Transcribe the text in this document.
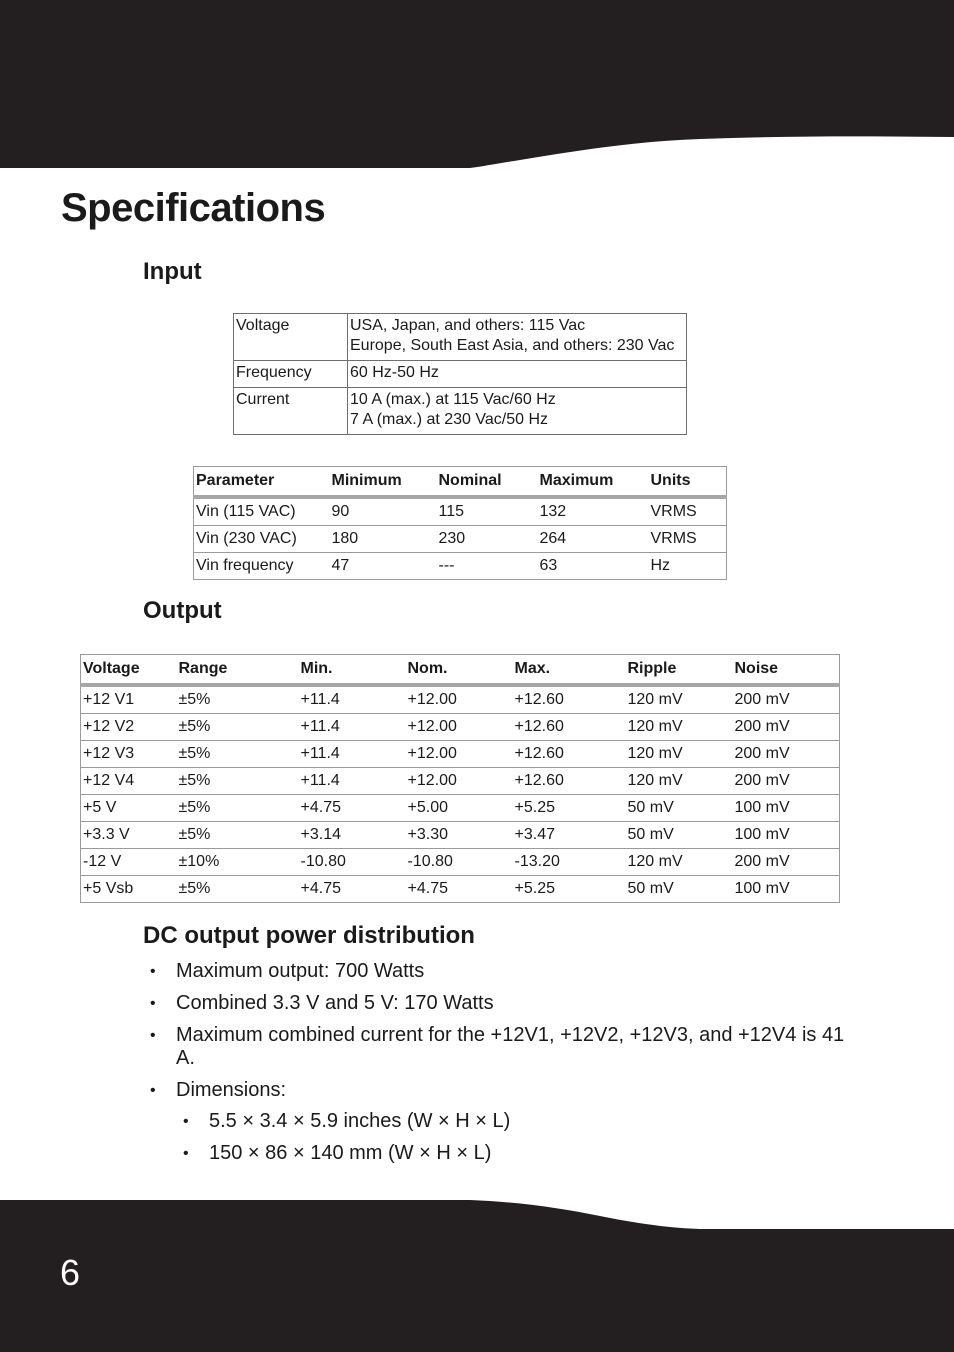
Specifications
Input
Voltage	USA, Japan, and others: 115 Vac
Europe, South East Asia, and others: 230 Vac

Frequency	60 Hz-50 Hz

Current	10 A (max.) at 115 Vac/60 Hz
7 A (max.) at 230 Vac/50 Hz
Parameter	Minimum	Nominal	Maximum	Units
Vin (115 VAC)	90	115	132	VRMS
Vin (230 VAC)	180	230	264	VRMS
Vin frequency	47	---	63	Hz
Output
Voltage	Range	Min.	Nom.	Max.	Ripple	Noise
+12 V1	±5%	+11.4	+12.00	+12.60	120 mV	200 mV
+12 V2	±5%	+11.4	+12.00	+12.60	120 mV	200 mV
+12 V3	±5%	+11.4	+12.00	+12.60	120 mV	200 mV
+12 V4	±5%	+11.4	+12.00	+12.60	120 mV	200 mV
+5 V	±5%	+4.75	+5.00	+5.25	50 mV	100 mV
+3.3 V	±5%	+3.14	+3.30	+3.47	50 mV	100 mV
-12 V	±10%	-10.80	-10.80	-13.20	120 mV	200 mV
+5 Vsb	±5%	+4.75	+4.75	+5.25	50 mV	100 mV
DC output power distribution
• Maximum output: 700 Watts
• Combined 3.3 V and 5 V: 170 Watts
• Maximum combined current for the +12V1, +12V2, +12V3, and +12V4 is 41 A.
• Dimensions:
• 5.5 × 3.4 × 5.9 inches (W × H × L)
• 150 × 86 × 140 mm (W × H × L)

6
